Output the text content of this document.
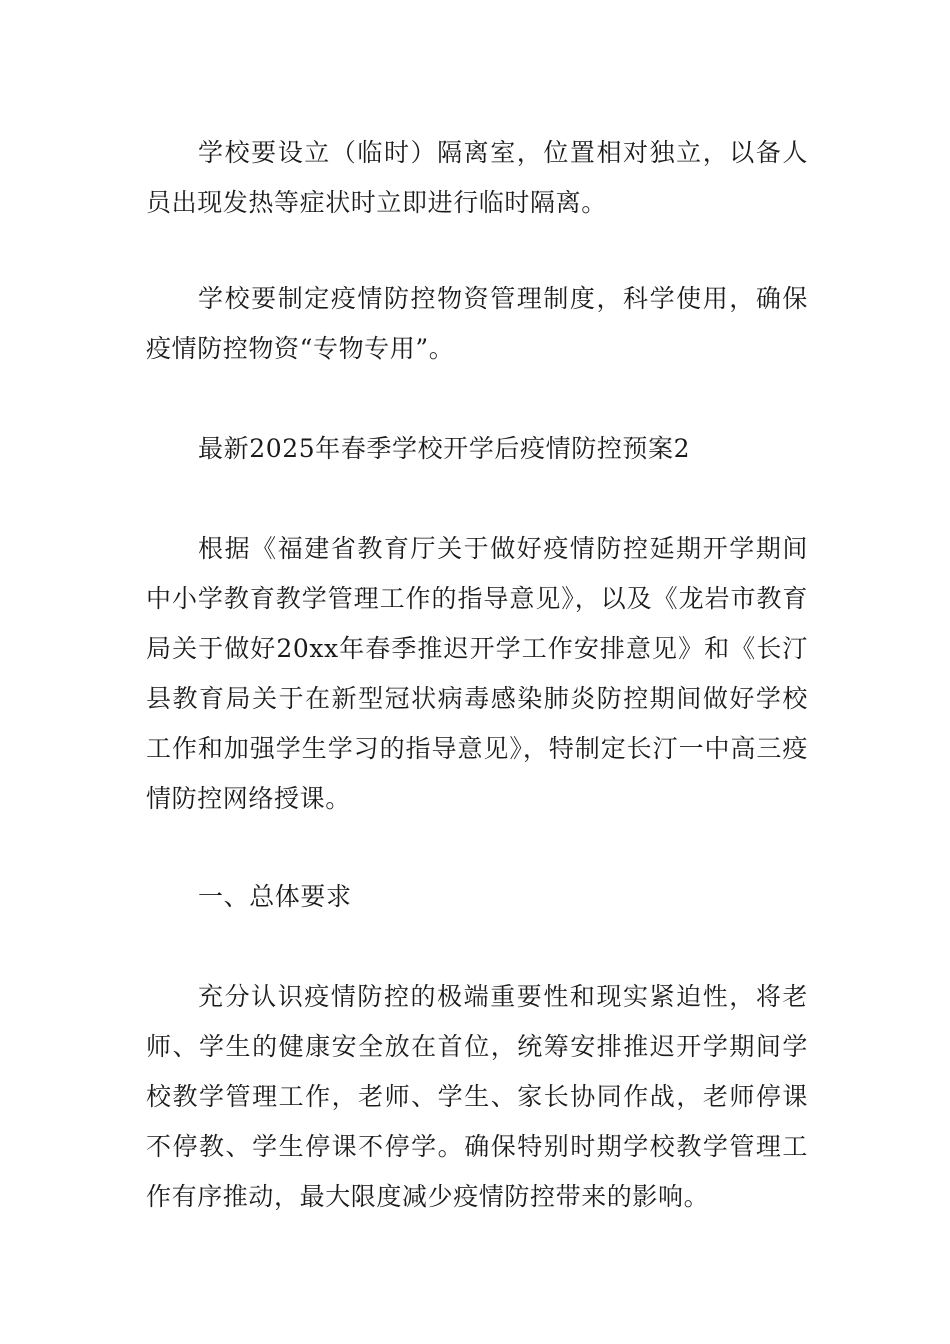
学校要设立（临时）隔离室，位置相对独立，以备人员出现发热等症状时立即进行临时隔离。

学校要制定疫情防控物资管理制度，科学使用，确保疫情防控物资“专物专用”。

最新2025年春季学校开学后疫情防控预案2

根据《福建省教育厅关于做好疫情防控延期开学期间中小学教育教学管理工作的指导意见》，以及《龙岩市教育局关于做好20xx年春季推迟开学工作安排意见》和《长汀县教育局关于在新型冠状病毒感染肺炎防控期间做好学校工作和加强学生学习的指导意见》，特制定长汀一中高三疫情防控网络授课。

一、总体要求

充分认识疫情防控的极端重要性和现实紧迫性，将老师、学生的健康安全放在首位，统筹安排推迟开学期间学校教学管理工作，老师、学生、家长协同作战，老师停课不停教、学生停课不停学。确保特别时期学校教学管理工作有序推动，最大限度减少疫情防控带来的影响。
